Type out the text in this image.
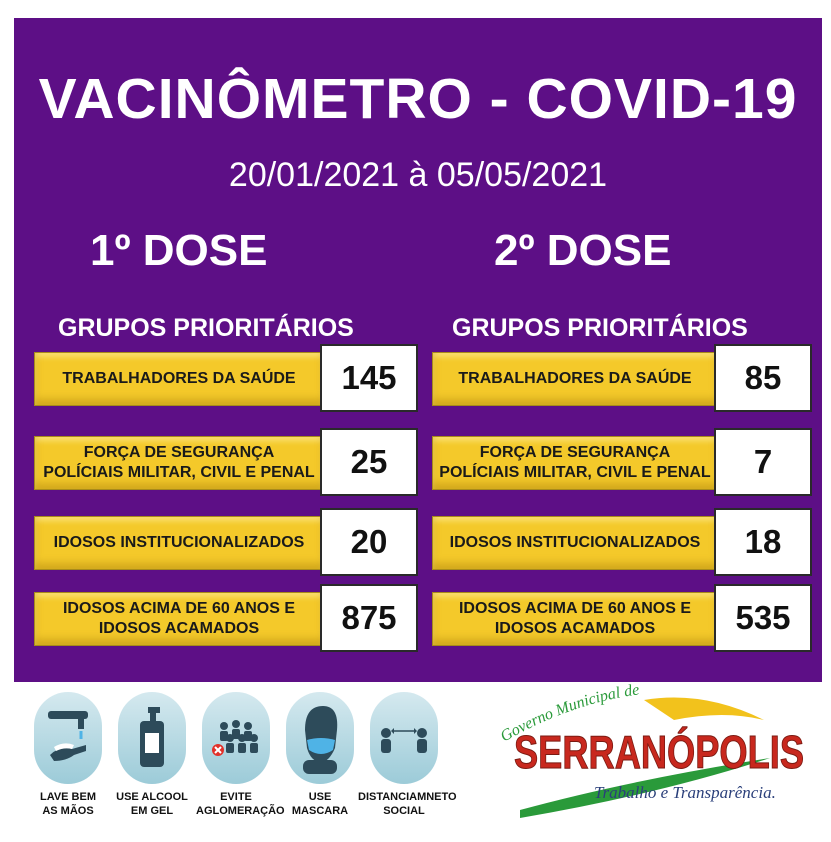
VACINÔMETRO - COVID-19
20/01/2021 à 05/05/2021
1º DOSE
GRUPOS PRIORITÁRIOS
TRABALHADORES DA SAÚDE	145
FORÇA DE SEGURANÇA
POLÍCIAIS MILITAR, CIVIL E PENAL	25
IDOSOS INSTITUCIONALIZADOS	20
IDOSOS ACIMA DE 60 ANOS E
IDOSOS ACAMADOS	875
2º DOSE
GRUPOS PRIORITÁRIOS
TRABALHADORES DA SAÚDE	85
FORÇA DE SEGURANÇA
POLÍCIAIS MILITAR, CIVIL E PENAL	7
IDOSOS INSTITUCIONALIZADOS	18
IDOSOS ACIMA DE 60 ANOS E
IDOSOS ACAMADOS	535
LAVE BEM
AS MÃOS
USE ALCOOL
EM GEL
EVITE
AGLOMERAÇÃO
USE
MASCARA
DISTANCIAMNETO
SOCIAL
Governo Municipal de
SERRANÓPOLIS
Trabalho e Transparência.
